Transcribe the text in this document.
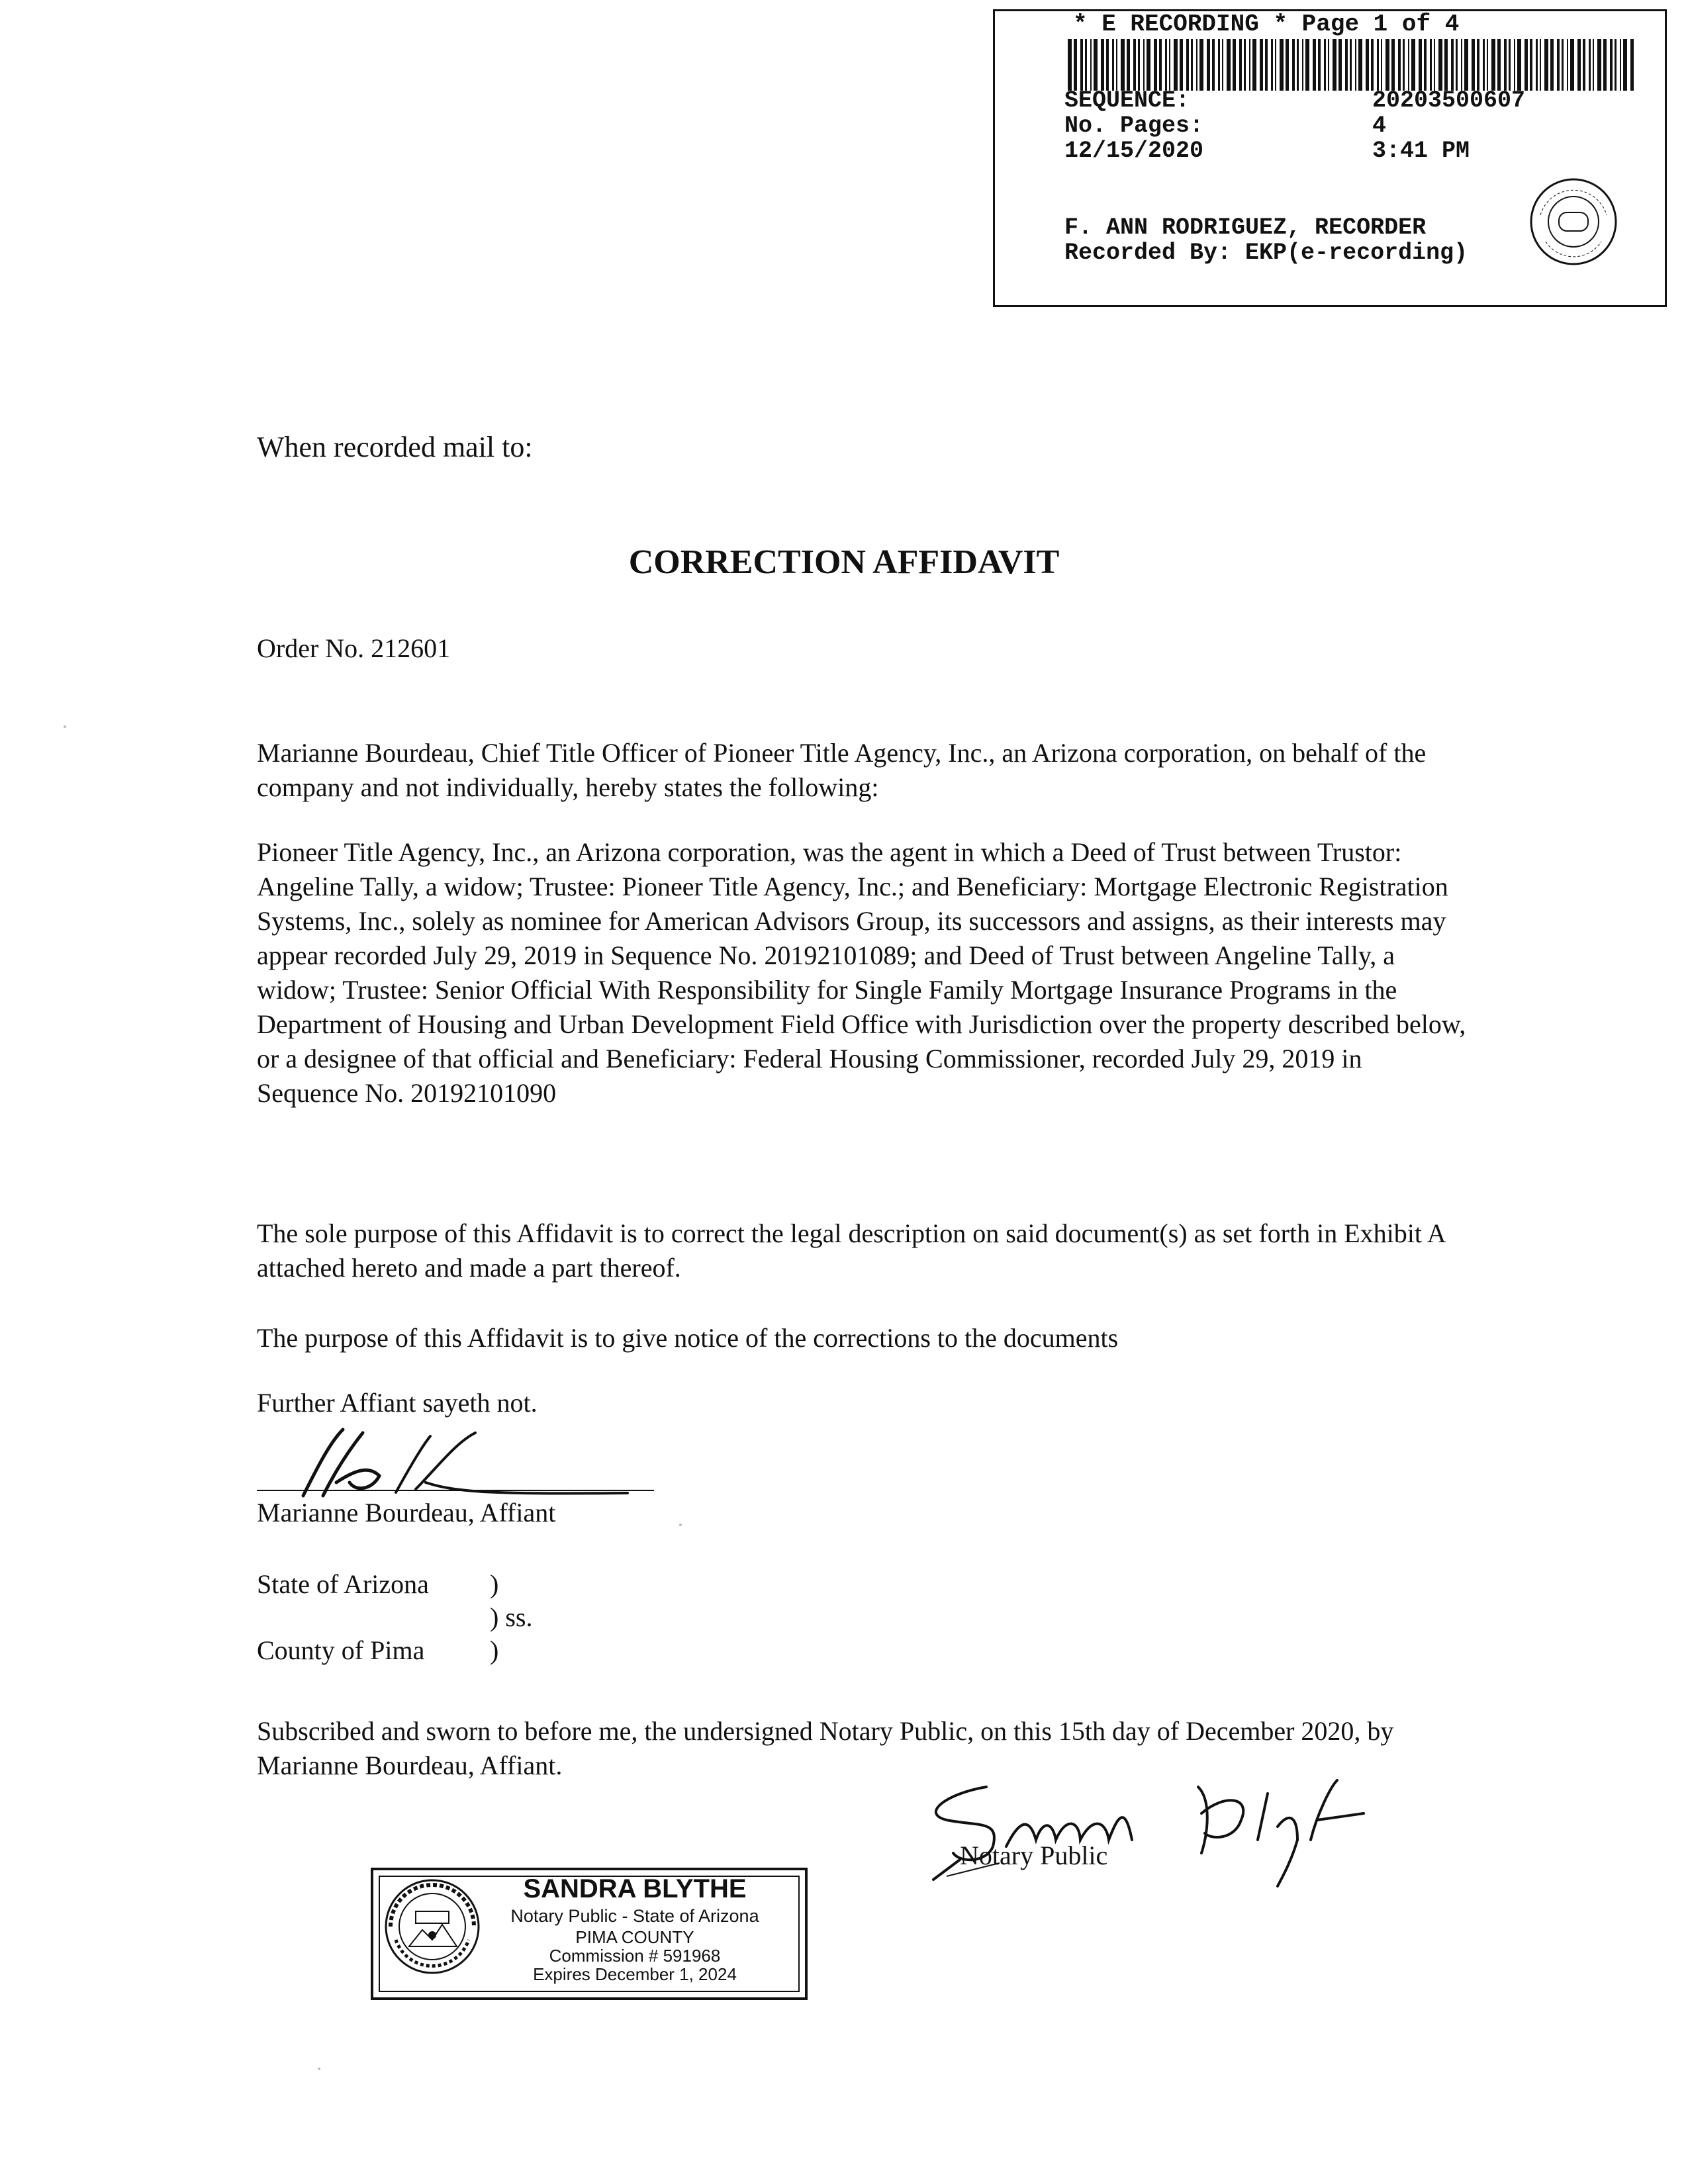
* E RECORDING * Page 1 of 4
SEQUENCE:	20203500607
No. Pages:	4
12/15/2020	3:41 PM
F. ANN RODRIGUEZ, RECORDER
Recorded By: EKP(e-recording)
When recorded mail to:
CORRECTION AFFIDAVIT
Order No. 212601
Marianne Bourdeau, Chief Title Officer of Pioneer Title Agency, Inc., an Arizona corporation, on behalf of the company and not individually, hereby states the following:
Pioneer Title Agency, Inc., an Arizona corporation, was the agent in which a Deed of Trust between Trustor: Angeline Tally, a widow; Trustee: Pioneer Title Agency, Inc.; and Beneficiary: Mortgage Electronic Registration Systems, Inc., solely as nominee for American Advisors Group, its successors and assigns, as their interests may appear recorded July 29, 2019 in Sequence No. 20192101089; and Deed of Trust between Angeline Tally, a widow; Trustee: Senior Official With Responsibility for Single Family Mortgage Insurance Programs in the Department of Housing and Urban Development Field Office with Jurisdiction over the property described below, or a designee of that official and Beneficiary: Federal Housing Commissioner, recorded July 29, 2019 in Sequence No. 20192101090
The sole purpose of this Affidavit is to correct the legal description on said document(s) as set forth in Exhibit A attached hereto and made a part thereof.
The purpose of this Affidavit is to give notice of the corrections to the documents
Further Affiant sayeth not.
Marianne Bourdeau, Affiant
State of Arizona )
) ss.
County of Pima )
Subscribed and sworn to before me, the undersigned Notary Public, on this 15th day of December 2020, by Marianne Bourdeau, Affiant.
Notary Public
SANDRA BLYTHE
Notary Public - State of Arizona
PIMA COUNTY
Commission # 591968
Expires December 1, 2024
